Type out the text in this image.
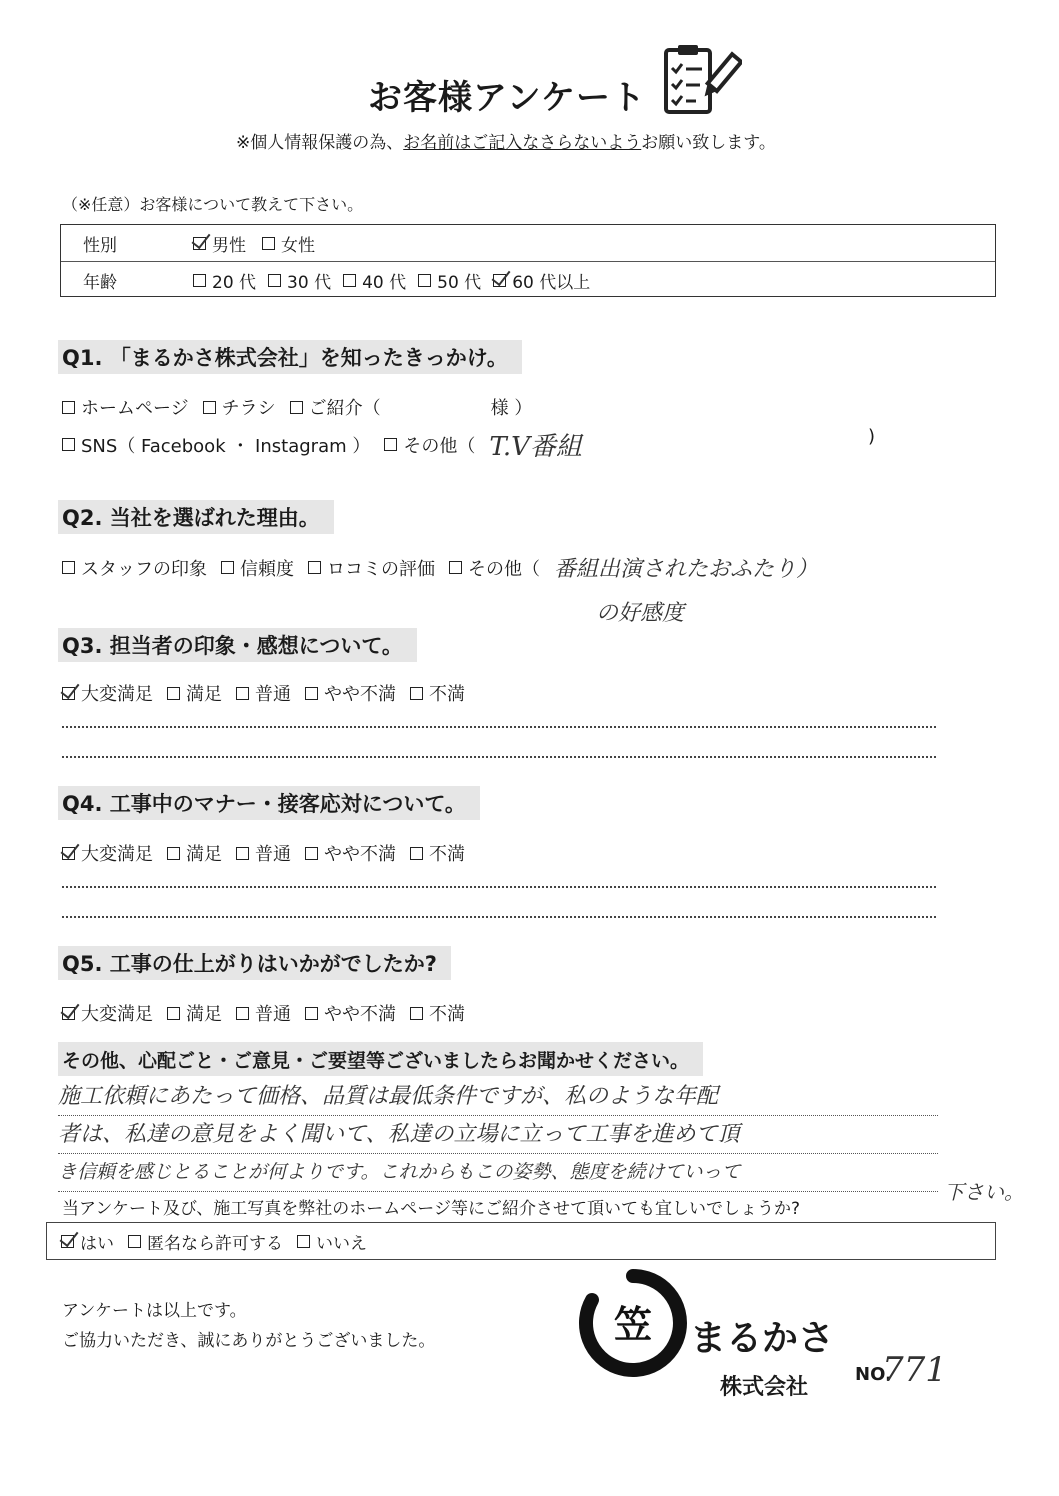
お客様アンケート
※個人情報保護の為、お名前はご記入なさらないようお願い致します。
（※任意）お客様について教えて下さい。
性別	男性 女性
年齢	20 代 30 代 40 代 50 代 60 代以上
Q1. 「まるかさ株式会社」を知ったきっかけ。
ホームページ チラシ ご紹介（	様 ）
SNS（ Facebook ・ Instagram ） その他（ T.V番組	)
Q2. 当社を選ばれた理由。
スタッフの印象 信頼度 ロコミの評価 その他（ 番組出演されたおふたり）
の好感度
Q3. 担当者の印象・感想について。
大変満足 満足 普通 やや不満 不満
Q4. 工事中のマナー・接客応対について。
大変満足 満足 普通 やや不満 不満
Q5. 工事の仕上がりはいかがでしたか?
大変満足 満足 普通 やや不満 不満
その他、心配ごと・ご意見・ご要望等ございましたらお聞かせください。
施工依頼にあたって価格、品質は最低条件ですが、私のような年配
者は、私達の意見をよく聞いて、私達の立場に立って工事を進めて頂
き信頼を感じとることが何よりです。これからもこの姿勢、態度を続けていって
下さい。
当アンケート及び、施工写真を弊社のホームページ等にご紹介させて頂いても宜しいでしょうか?
はい 匿名なら許可する いいえ
アンケートは以上です。
ご協力いただき、誠にありがとうございました。	笠 まるかさ
株式会社	NO.
771
